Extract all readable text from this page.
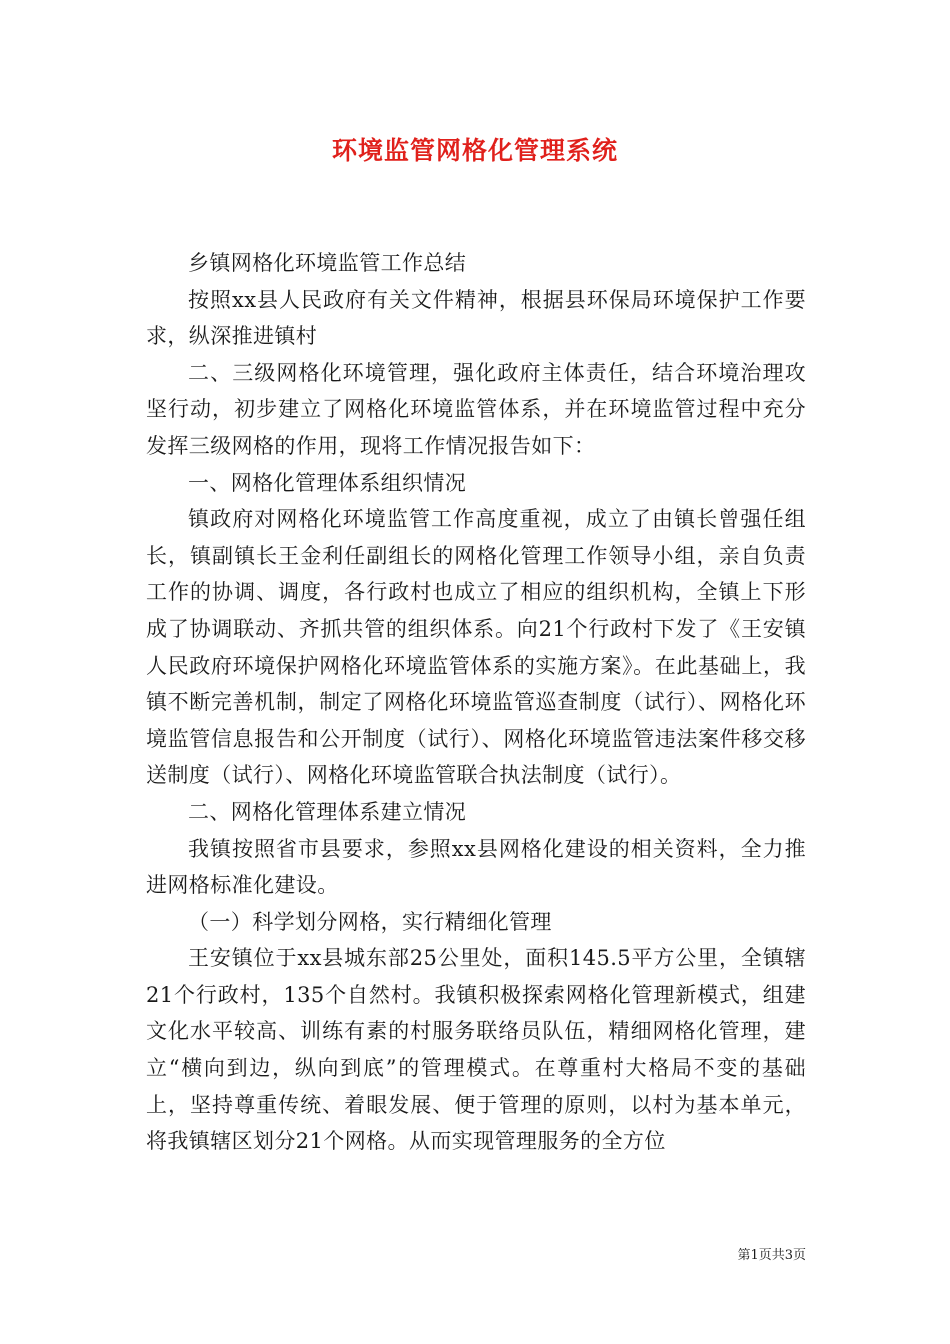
环境监管网格化管理系统

乡镇网格化环境监管工作总结

按照xx县人民政府有关文件精神，根据县环保局环境保护工作要求，纵深推进镇村

二、三级网格化环境管理，强化政府主体责任，结合环境治理攻坚行动，初步建立了网格化环境监管体系，并在环境监管过程中充分发挥三级网格的作用，现将工作情况报告如下：

一、网格化管理体系组织情况

镇政府对网格化环境监管工作高度重视，成立了由镇长曾强任组长，镇副镇长王金利任副组长的网格化管理工作领导小组，亲自负责工作的协调、调度，各行政村也成立了相应的组织机构，全镇上下形成了协调联动、齐抓共管的组织体系。向21个行政村下发了《王安镇人民政府环境保护网格化环境监管体系的实施方案》。在此基础上，我镇不断完善机制，制定了网格化环境监管巡查制度（试行）、网格化环境监管信息报告和公开制度（试行）、网格化环境监管违法案件移交移送制度（试行）、网格化环境监管联合执法制度（试行）。

二、网格化管理体系建立情况

我镇按照省市县要求，参照xx县网格化建设的相关资料，全力推进网格标准化建设。

（一）科学划分网格，实行精细化管理

王安镇位于xx县城东部25公里处，面积145.5平方公里，全镇辖21个行政村，135个自然村。我镇积极探索网格化管理新模式，组建文化水平较高、训练有素的村服务联络员队伍，精细网格化管理，建立“横向到边，纵向到底”的管理模式。在尊重村大格局不变的基础上，坚持尊重传统、着眼发展、便于管理的原则，以村为基本单元，将我镇辖区划分21个网格。从而实现管理服务的全方位

第1页共3页
